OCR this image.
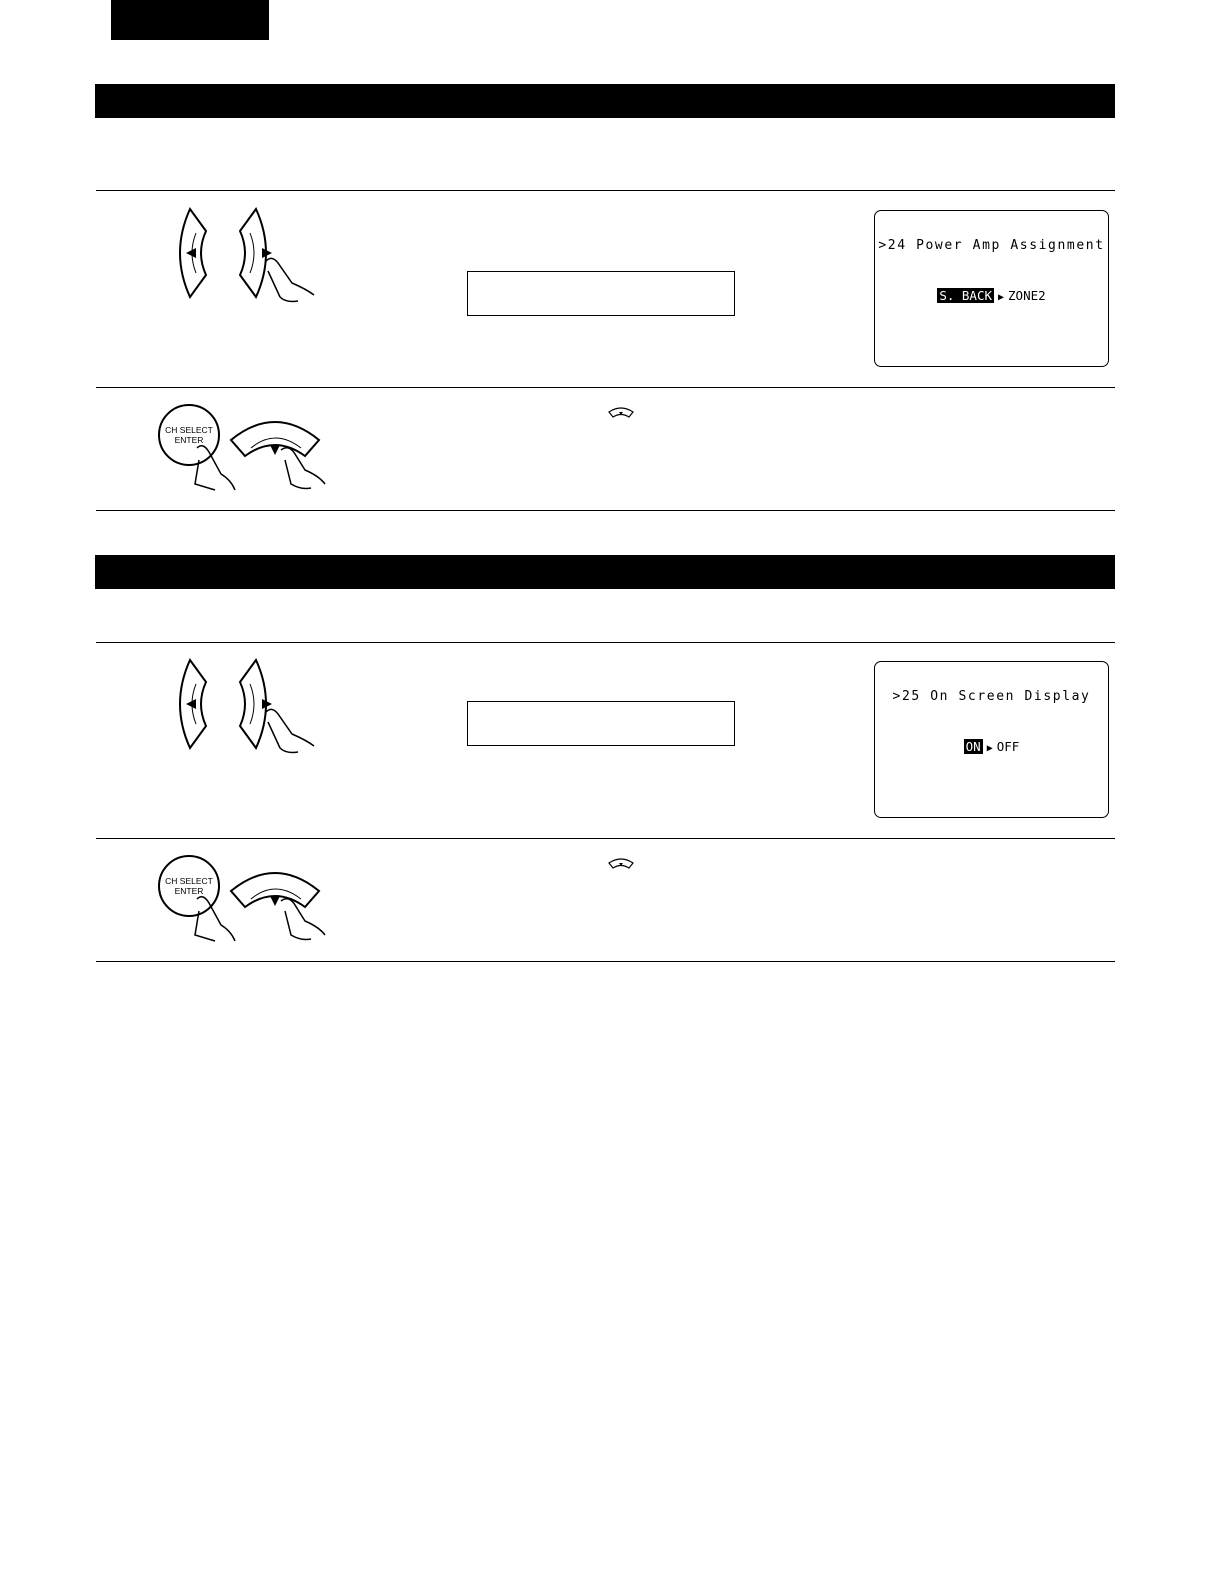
>24 Power Amp Assignment
S. BACK ▶ ZONE2
CH SELECT
ENTER
>25 On Screen Display
ON ▶ OFF
CH SELECT
ENTER
